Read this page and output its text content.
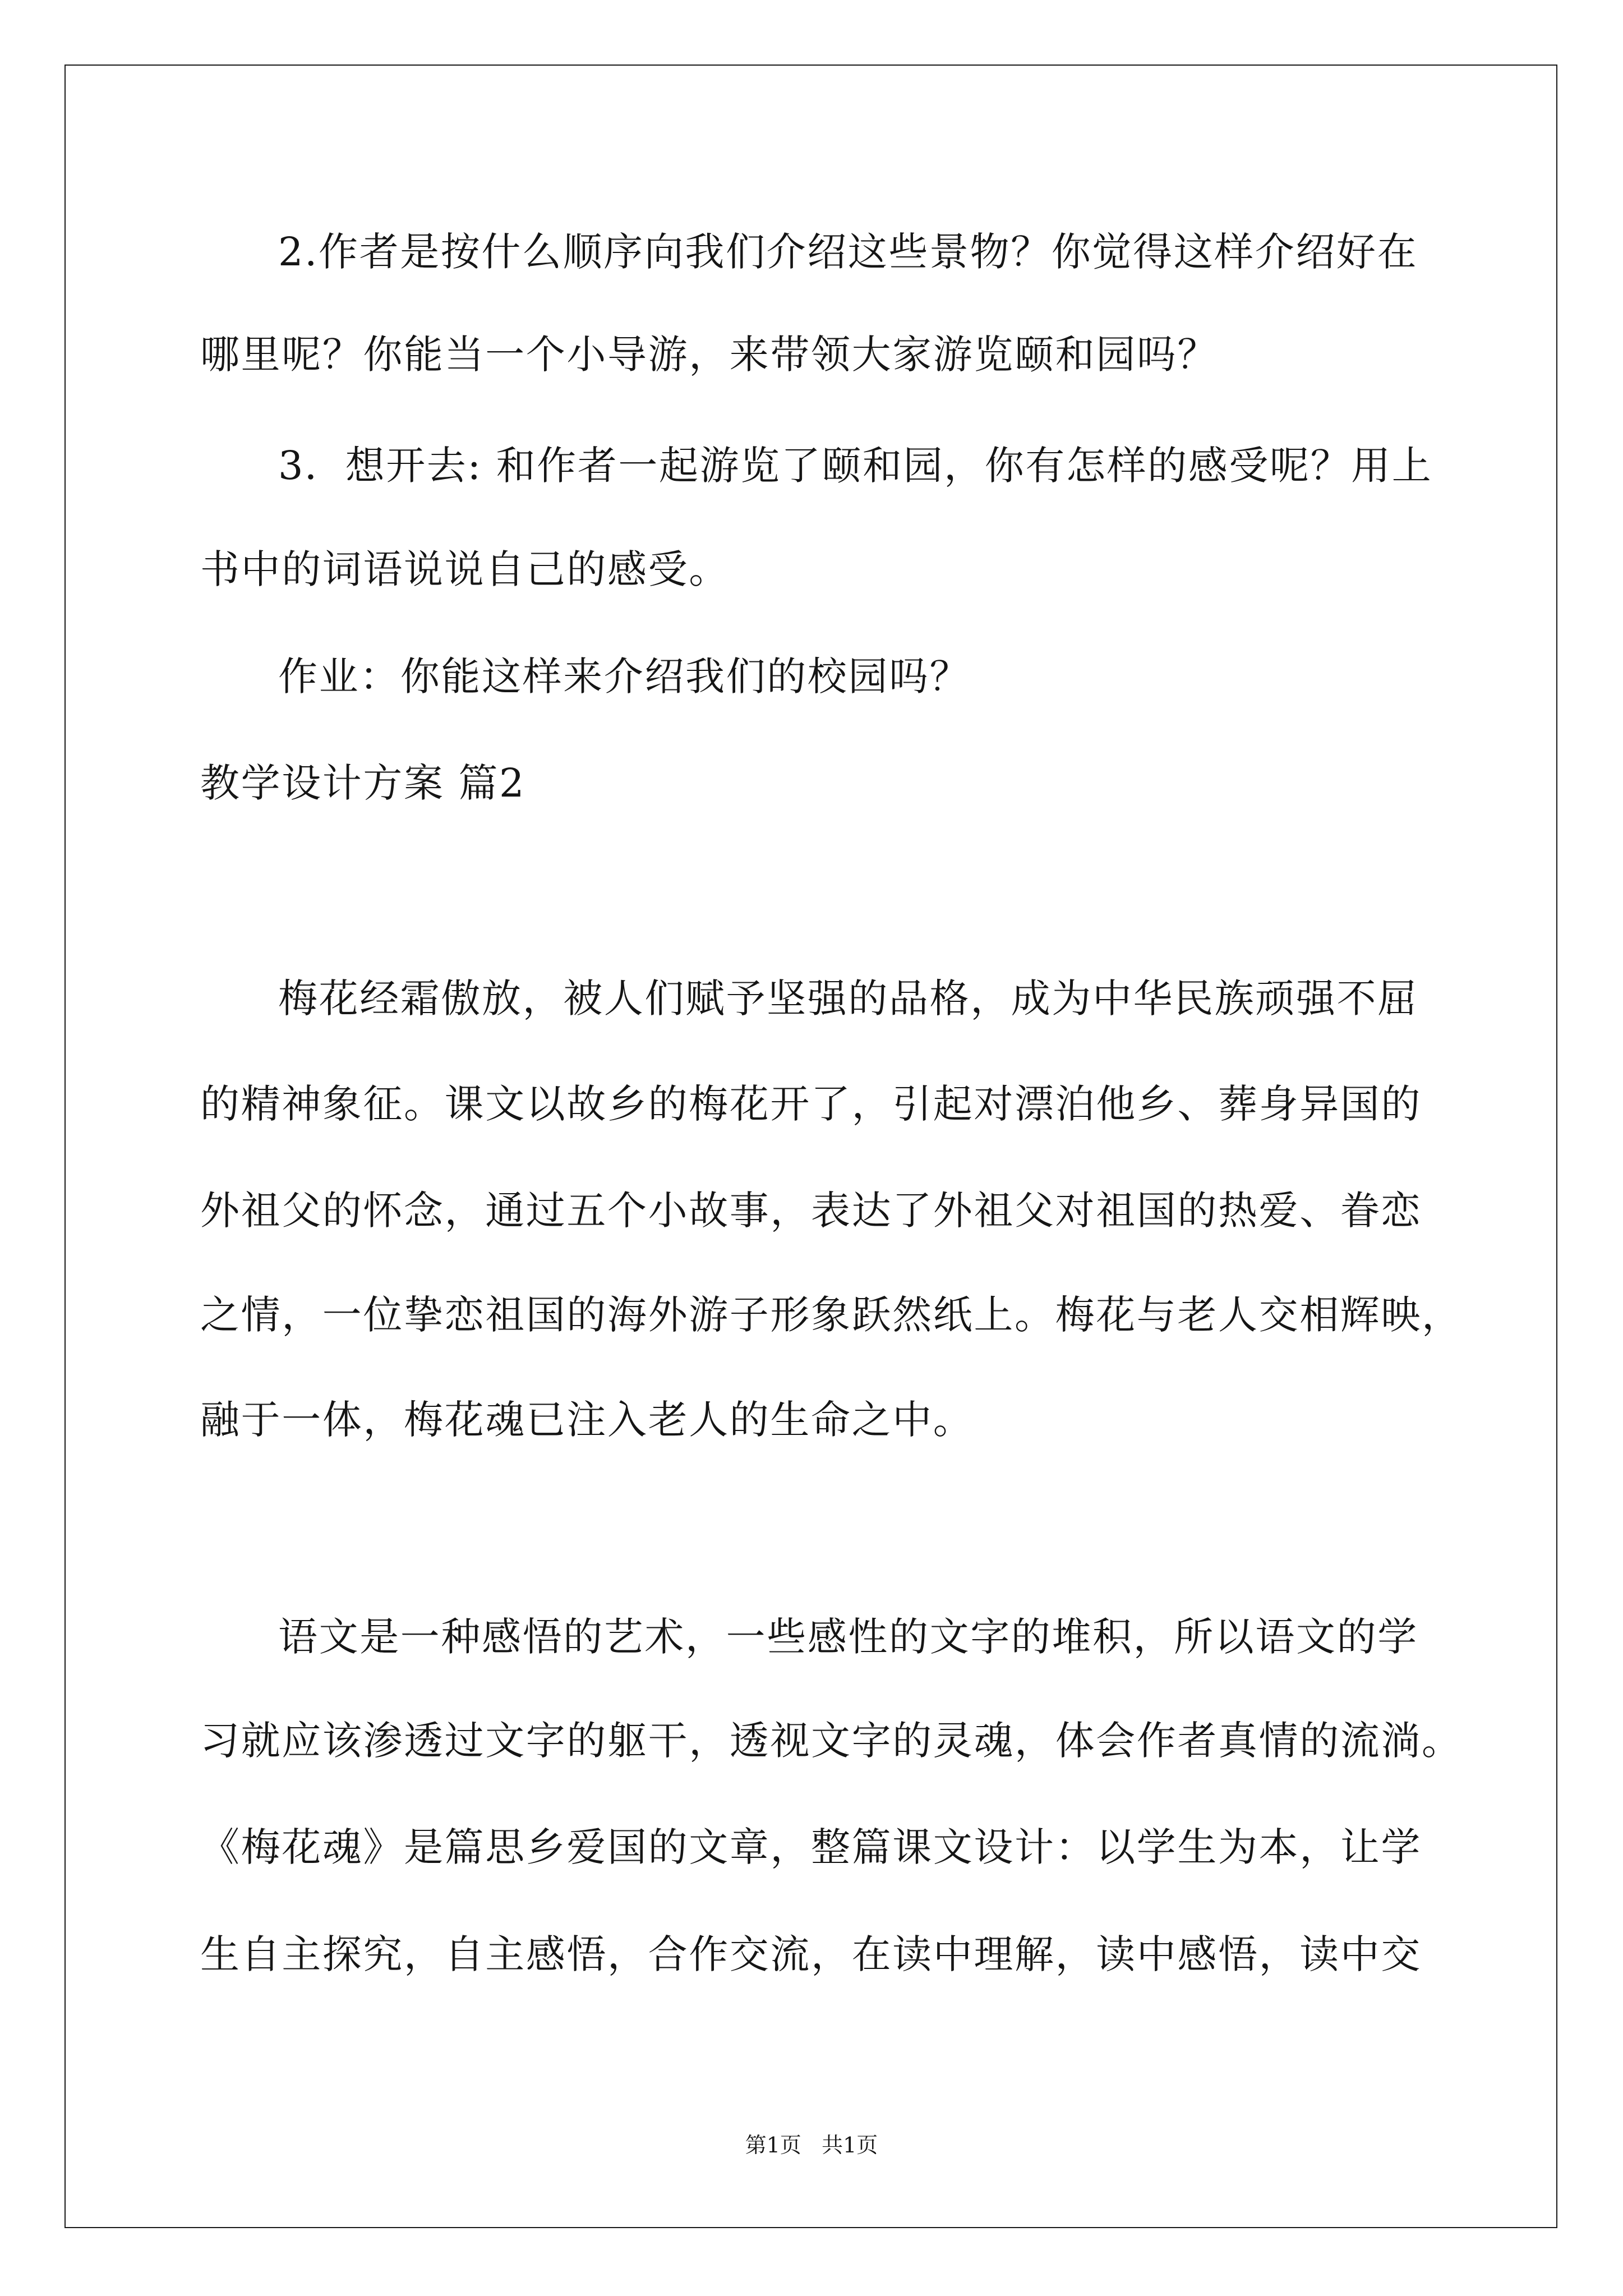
2.作者是按什么顺序向我们介绍这些景物？你觉得这样介绍好在
哪里呢？你能当一个小导游，来带领大家游览颐和园吗？
3．想开去: 和作者一起游览了颐和园，你有怎样的感受呢？用上
书中的词语说说自己的感受。
作业：你能这样来介绍我们的校园吗？
教学设计方案 篇2
梅花经霜傲放，被人们赋予坚强的品格，成为中华民族顽强不屈
的精神象征。课文以故乡的梅花开了，引起对漂泊他乡、葬身异国的
外祖父的怀念，通过五个小故事，表达了外祖父对祖国的热爱、眷恋
之情，一位挚恋祖国的海外游子形象跃然纸上。梅花与老人交相辉映，
融于一体，梅花魂已注入老人的生命之中。
语文是一种感悟的艺术，一些感性的文字的堆积，所以语文的学
习就应该渗透过文字的躯干，透视文字的灵魂，体会作者真情的流淌。
《梅花魂》是篇思乡爱国的文章，整篇课文设计：以学生为本，让学
生自主探究，自主感悟，合作交流，在读中理解，读中感悟，读中交
第1页   共1页
